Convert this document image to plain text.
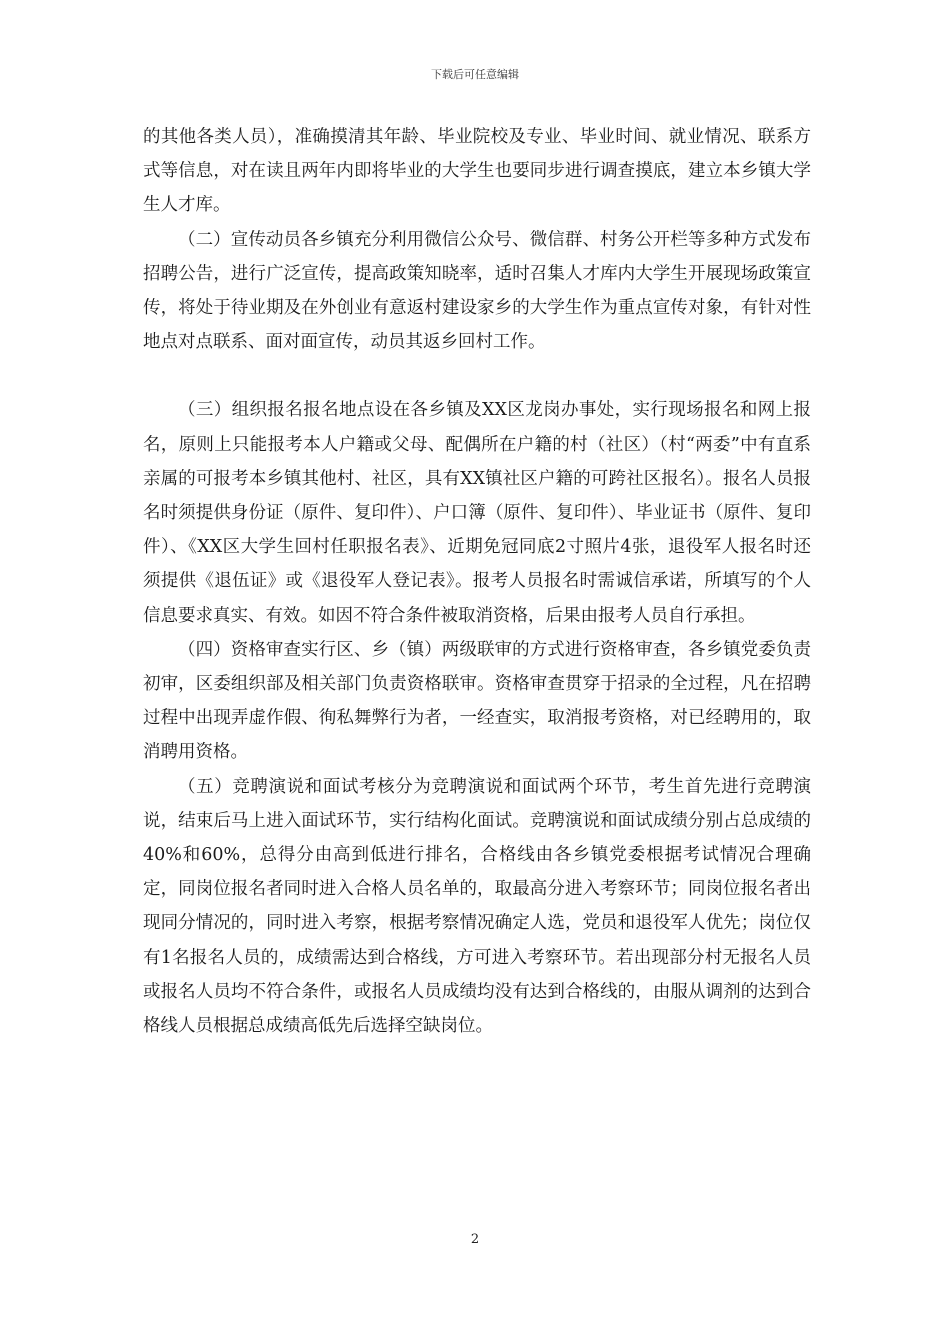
下载后可任意编辑

的其他各类人员），准确摸清其年龄、毕业院校及专业、毕业时间、就业情况、联系方式等信息，对在读且两年内即将毕业的大学生也要同步进行调查摸底，建立本乡镇大学生人才库。

（二）宣传动员各乡镇充分利用微信公众号、微信群、村务公开栏等多种方式发布招聘公告，进行广泛宣传，提高政策知晓率，适时召集人才库内大学生开展现场政策宣传，将处于待业期及在外创业有意返村建设家乡的大学生作为重点宣传对象，有针对性地点对点联系、面对面宣传，动员其返乡回村工作。

（三）组织报名报名地点设在各乡镇及XX区龙岗办事处，实行现场报名和网上报名，原则上只能报考本人户籍或父母、配偶所在户籍的村（社区）（村“两委”中有直系亲属的可报考本乡镇其他村、社区，具有XX镇社区户籍的可跨社区报名）。报名人员报名时须提供身份证（原件、复印件）、户口簿（原件、复印件）、毕业证书（原件、复印件）、《XX区大学生回村任职报名表》、近期免冠同底2寸照片4张，退役军人报名时还须提供《退伍证》或《退役军人登记表》。报考人员报名时需诚信承诺，所填写的个人信息要求真实、有效。如因不符合条件被取消资格，后果由报考人员自行承担。

（四）资格审查实行区、乡（镇）两级联审的方式进行资格审查，各乡镇党委负责初审，区委组织部及相关部门负责资格联审。资格审查贯穿于招录的全过程，凡在招聘过程中出现弄虚作假、徇私舞弊行为者，一经查实，取消报考资格，对已经聘用的，取消聘用资格。

（五）竞聘演说和面试考核分为竞聘演说和面试两个环节，考生首先进行竞聘演说，结束后马上进入面试环节，实行结构化面试。竞聘演说和面试成绩分别占总成绩的40%和60%，总得分由高到低进行排名，合格线由各乡镇党委根据考试情况合理确定，同岗位报名者同时进入合格人员名单的，取最高分进入考察环节；同岗位报名者出现同分情况的，同时进入考察，根据考察情况确定人选，党员和退役军人优先；岗位仅有1名报名人员的，成绩需达到合格线，方可进入考察环节。若出现部分村无报名人员或报名人员均不符合条件，或报名人员成绩均没有达到合格线的，由服从调剂的达到合格线人员根据总成绩高低先后选择空缺岗位。

2
